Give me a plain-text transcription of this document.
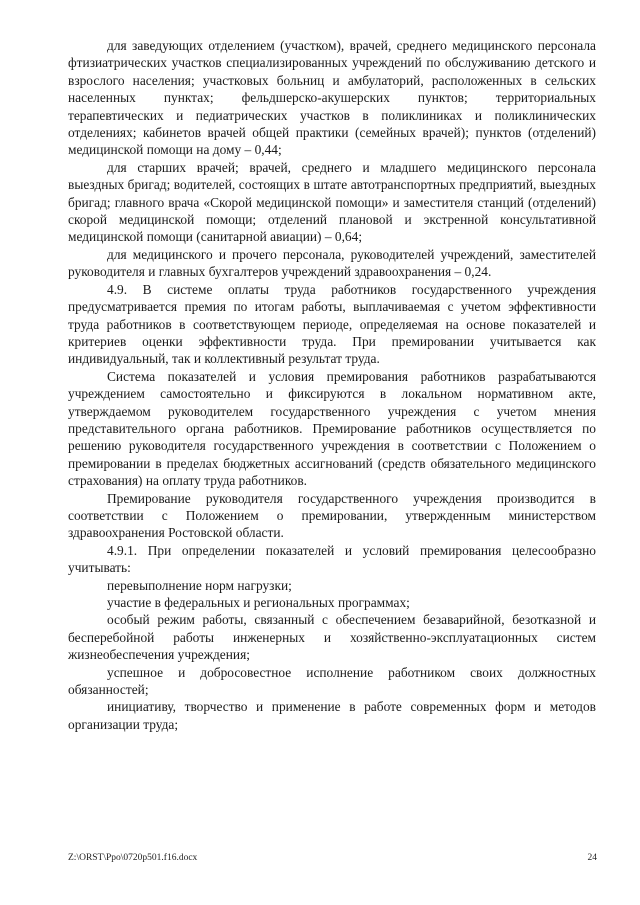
для заведующих отделением (участком), врачей, среднего медицинского персонала фтизиатрических участков специализированных учреждений по обслуживанию детского и взрослого населения; участковых больниц и амбулаторий, расположенных в сельских населенных пунктах; фельдшерско-акушерских пунктов; территориальных терапевтических и педиатрических участков в поликлиниках и поликлинических отделениях; кабинетов врачей общей практики (семейных врачей); пунктов (отделений) медицинской помощи на дому – 0,44;

для старших врачей; врачей, среднего и младшего медицинского персонала выездных бригад; водителей, состоящих в штате автотранспортных предприятий, выездных бригад; главного врача «Скорой медицинской помощи» и заместителя станций (отделений) скорой медицинской помощи; отделений плановой и экстренной консультативной медицинской помощи (санитарной авиации) – 0,64;

для медицинского и прочего персонала, руководителей учреждений, заместителей руководителя и главных бухгалтеров учреждений здравоохранения – 0,24.

4.9. В системе оплаты труда работников государственного учреждения предусматривается премия по итогам работы, выплачиваемая с учетом эффективности труда работников в соответствующем периоде, определяемая на основе показателей и критериев оценки эффективности труда. При премировании учитывается как индивидуальный, так и коллективный результат труда.

Система показателей и условия премирования работников разрабатываются учреждением самостоятельно и фиксируются в локальном нормативном акте, утверждаемом руководителем государственного учреждения с учетом мнения представительного органа работников. Премирование работников осуществляется по решению руководителя государственного учреждения в соответствии с Положением о премировании в пределах бюджетных ассигнований (средств обязательного медицинского страхования) на оплату труда работников.

Премирование руководителя государственного учреждения производится в соответствии с Положением о премировании, утвержденным министерством здравоохранения Ростовской области.

4.9.1. При определении показателей и условий премирования целесообразно учитывать:

перевыполнение норм нагрузки;

участие в федеральных и региональных программах;

особый режим работы, связанный с обеспечением безаварийной, безотказной и бесперебойной работы инженерных и хозяйственно-эксплуатационных систем жизнеобеспечения учреждения;

успешное и добросовестное исполнение работником своих должностных обязанностей;

инициативу, творчество и применение в работе современных форм и методов организации труда;

Z:\ORST\Ppo\0720p501.f16.docx	24
